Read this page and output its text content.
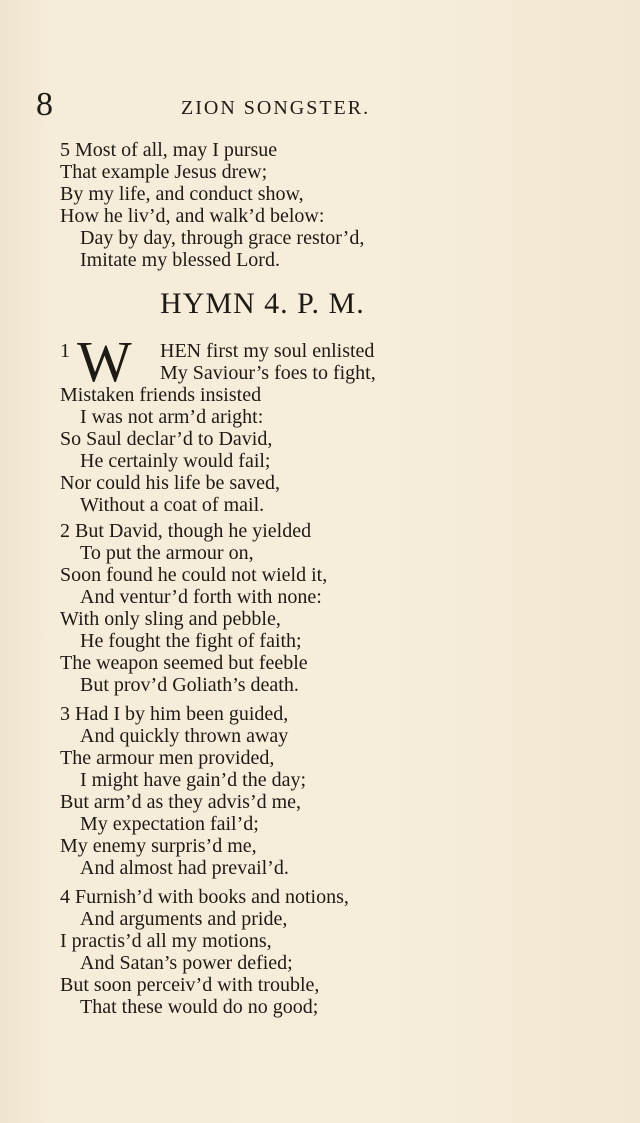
8	ZION SONGSTER.
5 Most of all, may I pursue
That example Jesus drew;
By my life, and conduct show,
How he liv’d, and walk’d below:
Day by day, through grace restor’d,
Imitate my blessed Lord.
HYMN 4. P. M.
1 W HEN first my soul enlisted
My Saviour’s foes to fight,
Mistaken friends insisted
I was not arm’d aright:
So Saul declar’d to David,
He certainly would fail;
Nor could his life be saved,
Without a coat of mail.
2 But David, though he yielded
To put the armour on,
Soon found he could not wield it,
And ventur’d forth with none:
With only sling and pebble,
He fought the fight of faith;
The weapon seemed but feeble
But prov’d Goliath’s death.
3 Had I by him been guided,
And quickly thrown away
The armour men provided,
I might have gain’d the day;
But arm’d as they advis’d me,
My expectation fail’d;
My enemy surpris’d me,
And almost had prevail’d.
4 Furnish’d with books and notions,
And arguments and pride,
I practis’d all my motions,
And Satan’s power defied;
But soon perceiv’d with trouble,
That these would do no good;
